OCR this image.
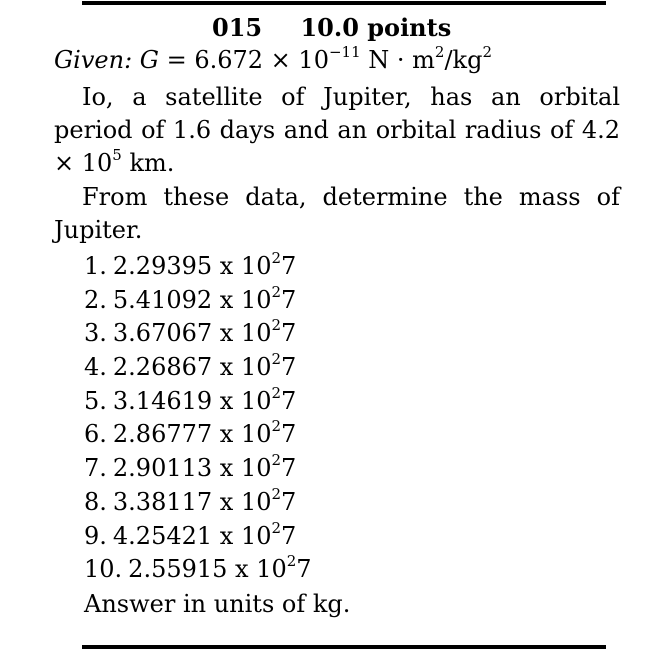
015 10.0 points
Given: $G = 6.672 \times 10^{-11}$ $N \cdot m^2/kg^2$
Io, a satellite of Jupiter, has an orbital period of 1.6 days and an orbital radius of $4.2 \times 10^5$ km.
From these data, determine the mass of Jupiter.
1. 2.29395 x $10^27$
2. 5.41092 x $10^27$
3. 3.67067 x $10^27$
4. 2.26867 x $10^27$
5. 3.14619 x $10^27$
6. 2.86777 x $10^27$
7. 2.90113 x $10^27$
8. 3.38117 x $10^27$
9. 4.25421 x $10^27$
10. 2.55915 x $10^27$
Answer in units of kg.
